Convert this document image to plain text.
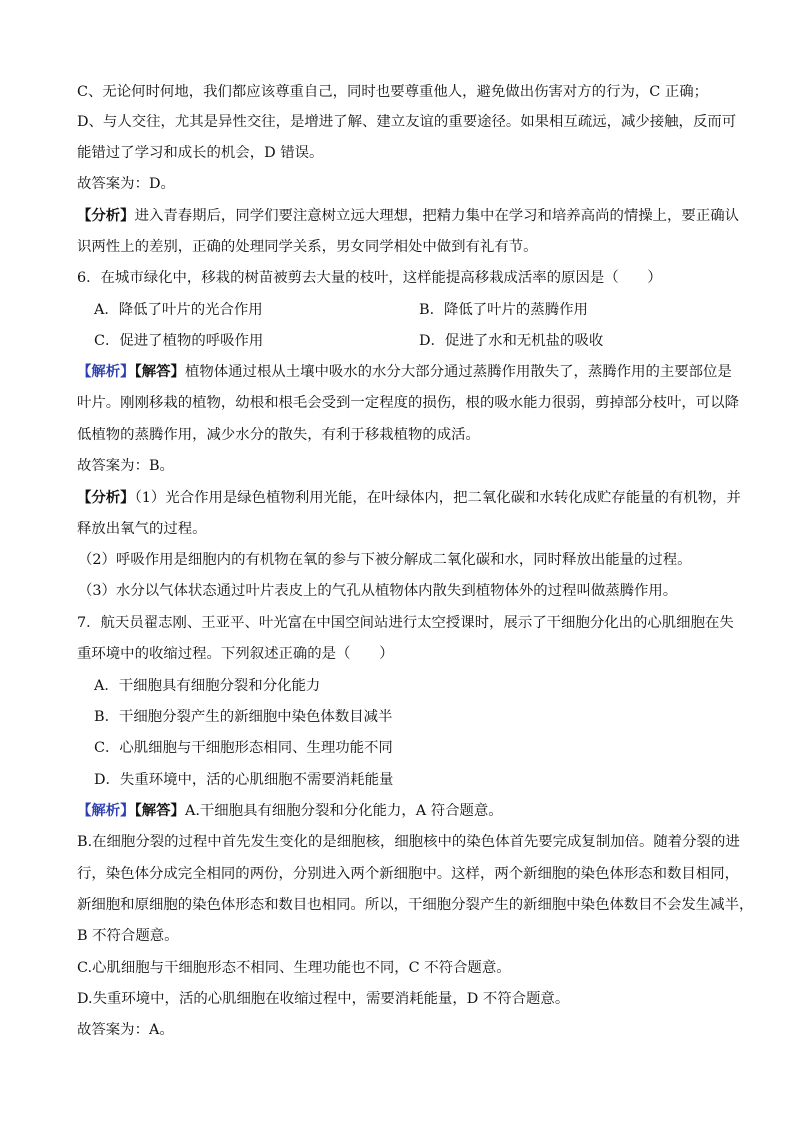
C、无论何时何地，我们都应该尊重自己，同时也要尊重他人，避免做出伤害对方的行为，C 正确；
D、与人交往，尤其是异性交往，是增进了解、建立友谊的重要途径。如果相互疏远，减少接触，反而可
能错过了学习和成长的机会，D 错误。
故答案为：D。
【分析】进入青春期后，同学们要注意树立远大理想，把精力集中在学习和培养高尚的情操上，要正确认
识两性上的差别，正确的处理同学关系，男女同学相处中做到有礼有节。
6．在城市绿化中，移栽的树苗被剪去大量的枝叶，这样能提高移栽成活率的原因是（　　）
A．降低了叶片的光合作用	B．降低了叶片的蒸腾作用
C．促进了植物的呼吸作用	D．促进了水和无机盐的吸收
【解析】【解答】植物体通过根从土壤中吸水的水分大部分通过蒸腾作用散失了，蒸腾作用的主要部位是
叶片。刚刚移栽的植物，幼根和根毛会受到一定程度的损伤，根的吸水能力很弱，剪掉部分枝叶，可以降
低植物的蒸腾作用，减少水分的散失，有利于移栽植物的成活。
故答案为：B。
【分析】（1）光合作用是绿色植物利用光能，在叶绿体内，把二氧化碳和水转化成贮存能量的有机物，并
释放出氧气的过程。
（2）呼吸作用是细胞内的有机物在氧的参与下被分解成二氧化碳和水，同时释放出能量的过程。
（3）水分以气体状态通过叶片表皮上的气孔从植物体内散失到植物体外的过程叫做蒸腾作用。
7．航天员翟志刚、王亚平、叶光富在中国空间站进行太空授课时，展示了干细胞分化出的心肌细胞在失
重环境中的收缩过程。下列叙述正确的是（　　）
A．干细胞具有细胞分裂和分化能力
B．干细胞分裂产生的新细胞中染色体数目减半
C．心肌细胞与干细胞形态相同、生理功能不同
D．失重环境中，活的心肌细胞不需要消耗能量
【解析】【解答】A.干细胞具有细胞分裂和分化能力，A 符合题意。
B.在细胞分裂的过程中首先发生变化的是细胞核，细胞核中的染色体首先要完成复制加倍。随着分裂的进
行，染色体分成完全相同的两份，分别进入两个新细胞中。这样，两个新细胞的染色体形态和数目相同，
新细胞和原细胞的染色体形态和数目也相同。所以，干细胞分裂产生的新细胞中染色体数目不会发生减半，
B 不符合题意。
C.心肌细胞与干细胞形态不相同、生理功能也不同，C 不符合题意。
D.失重环境中，活的心肌细胞在收缩过程中，需要消耗能量，D 不符合题意。
故答案为：A。
